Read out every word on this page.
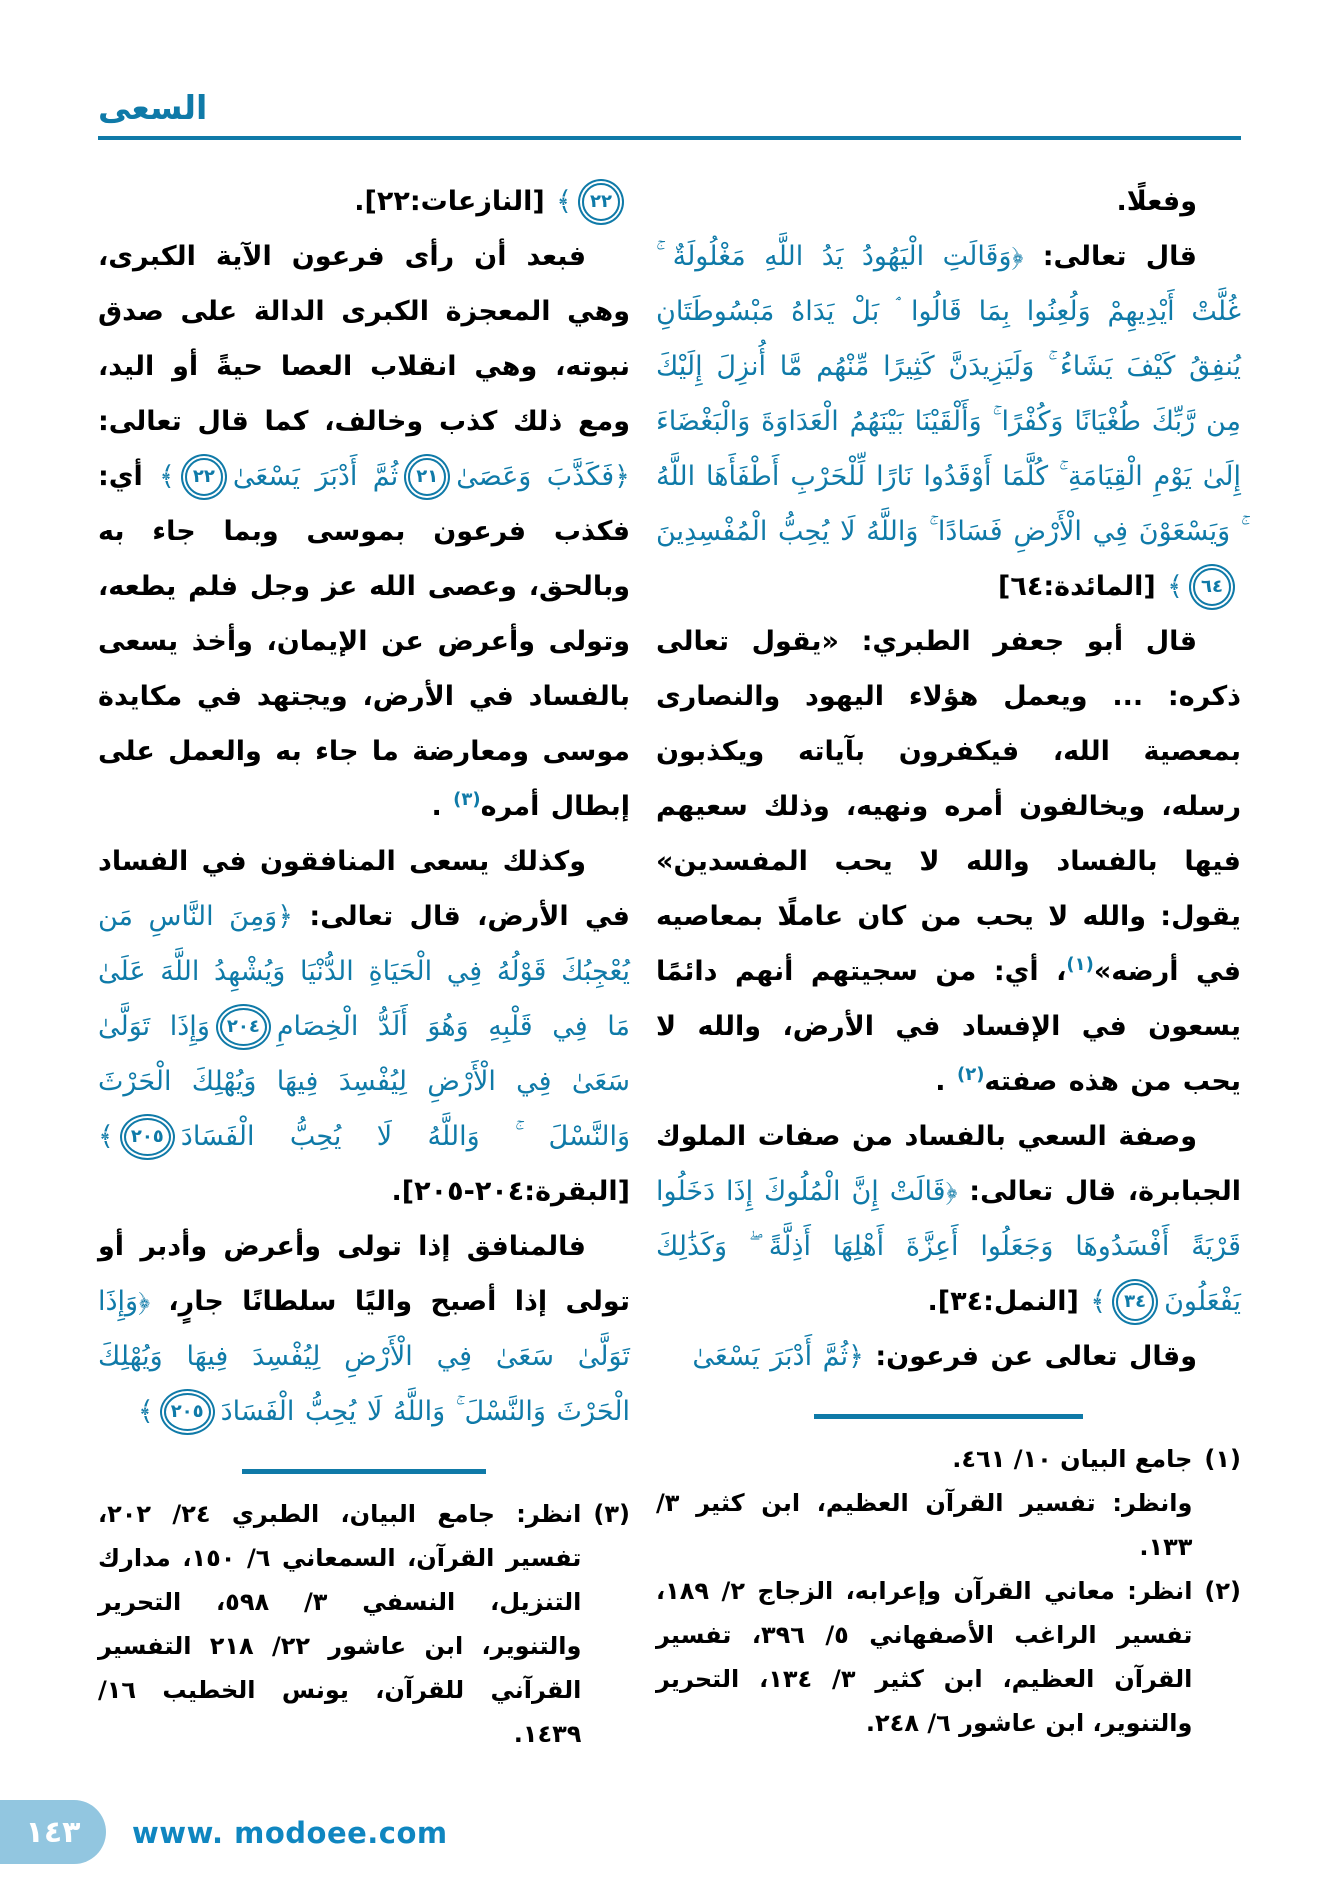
السعى

وفعلًا.

قال تعالى: ﴿وَقَالَتِ الْيَهُودُ يَدُ اللَّهِ مَغْلُولَةٌ ۚ غُلَّتْ أَيْدِيهِمْ وَلُعِنُوا بِمَا قَالُوا ۘ بَلْ يَدَاهُ مَبْسُوطَتَانِ يُنفِقُ كَيْفَ يَشَاءُ ۚ وَلَيَزِيدَنَّ كَثِيرًا مِّنْهُم مَّا أُنزِلَ إِلَيْكَ مِن رَّبِّكَ طُغْيَانًا وَكُفْرًا ۚ وَأَلْقَيْنَا بَيْنَهُمُ الْعَدَاوَةَ وَالْبَغْضَاءَ إِلَىٰ يَوْمِ الْقِيَامَةِ ۚ كُلَّمَا أَوْقَدُوا نَارًا لِّلْحَرْبِ أَطْفَأَهَا اللَّهُ ۚ وَيَسْعَوْنَ فِي الْأَرْضِ فَسَادًا ۚ وَاللَّهُ لَا يُحِبُّ الْمُفْسِدِينَ٦٤﴾ [المائدة:٦٤]

قال أبو جعفر الطبري: «يقول تعالى ذكره: ... ويعمل هؤلاء اليهود والنصارى بمعصية الله، فيكفرون بآياته ويكذبون رسله، ويخالفون أمره ونهيه، وذلك سعيهم فيها بالفساد والله لا يحب المفسدين» يقول: والله لا يحب من كان عاملًا بمعاصيه في أرضه»$^{(١)}$، أي: من سجيتهم أنهم دائمًا يسعون في الإفساد في الأرض، والله لا يحب من هذه صفته$^{(٢)}$ .

وصفة السعي بالفساد من صفات الملوك الجبابرة، قال تعالى: ﴿قَالَتْ إِنَّ الْمُلُوكَ إِذَا دَخَلُوا قَرْيَةً أَفْسَدُوهَا وَجَعَلُوا أَعِزَّةَ أَهْلِهَا أَذِلَّةً ۖ وَكَذَٰلِكَ يَفْعَلُونَ٣٤﴾ [النمل:٣٤].

وقال تعالى عن فرعون: ﴿ثُمَّ أَدْبَرَ يَسْعَىٰ

(١)
جامع البيان ١٠/ ٤٦١.
وانظر: تفسير القرآن العظيم، ابن كثير ٣/ ١٣٣.
(٢)
انظر: معاني القرآن وإعرابه، الزجاج ٢/ ١٨٩، تفسير الراغب الأصفهاني ٥/ ٣٩٦، تفسير القرآن العظيم، ابن كثير ٣/ ١٣٤، التحرير والتنوير، ابن عاشور ٦/ ٢٤٨.

٢٢﴾ [النازعات:٢٢].

فبعد أن رأى فرعون الآية الكبرى، وهي المعجزة الكبرى الدالة على صدق نبوته، وهي انقلاب العصا حيةً أو اليد، ومع ذلك كذب وخالف، كما قال تعالى: ﴿فَكَذَّبَ وَعَصَىٰ٢١ثُمَّ أَدْبَرَ يَسْعَىٰ٢٢﴾ أي: فكذب فرعون بموسى وبما جاء به وبالحق، وعصى الله عز وجل فلم يطعه، وتولى وأعرض عن الإيمان، وأخذ يسعى بالفساد في الأرض، ويجتهد في مكايدة موسى ومعارضة ما جاء به والعمل على إبطال أمره$^{(٣)}$ .

وكذلك يسعى المنافقون في الفساد في الأرض، قال تعالى: ﴿وَمِنَ النَّاسِ مَن يُعْجِبُكَ قَوْلُهُ فِي الْحَيَاةِ الدُّنْيَا وَيُشْهِدُ اللَّهَ عَلَىٰ مَا فِي قَلْبِهِ وَهُوَ أَلَدُّ الْخِصَامِ٢٠٤وَإِذَا تَوَلَّىٰ سَعَىٰ فِي الْأَرْضِ لِيُفْسِدَ فِيهَا وَيُهْلِكَ الْحَرْثَ وَالنَّسْلَ ۚ وَاللَّهُ لَا يُحِبُّ الْفَسَادَ٢٠٥﴾ [البقرة:٢٠٤-٢٠٥].

فالمنافق إذا تولى وأعرض وأدبر أو تولى إذا أصبح واليًا سلطانًا جارٍ، ﴿وَإِذَا تَوَلَّىٰ سَعَىٰ فِي الْأَرْضِ لِيُفْسِدَ فِيهَا وَيُهْلِكَ الْحَرْثَ وَالنَّسْلَ ۚ وَاللَّهُ لَا يُحِبُّ الْفَسَادَ٢٠٥﴾

(٣)
انظر: جامع البيان، الطبري ٢٤/ ٢٠٢، تفسير القرآن، السمعاني ٦/ ١٥٠، مدارك التنزيل، النسفي ٣/ ٥٩٨، التحرير والتنوير، ابن عاشور ٢٢/ ٢١٨ التفسير القرآني للقرآن، يونس الخطيب ١٦/ ١٤٣٩.
١٤٣ www. modoee.com
